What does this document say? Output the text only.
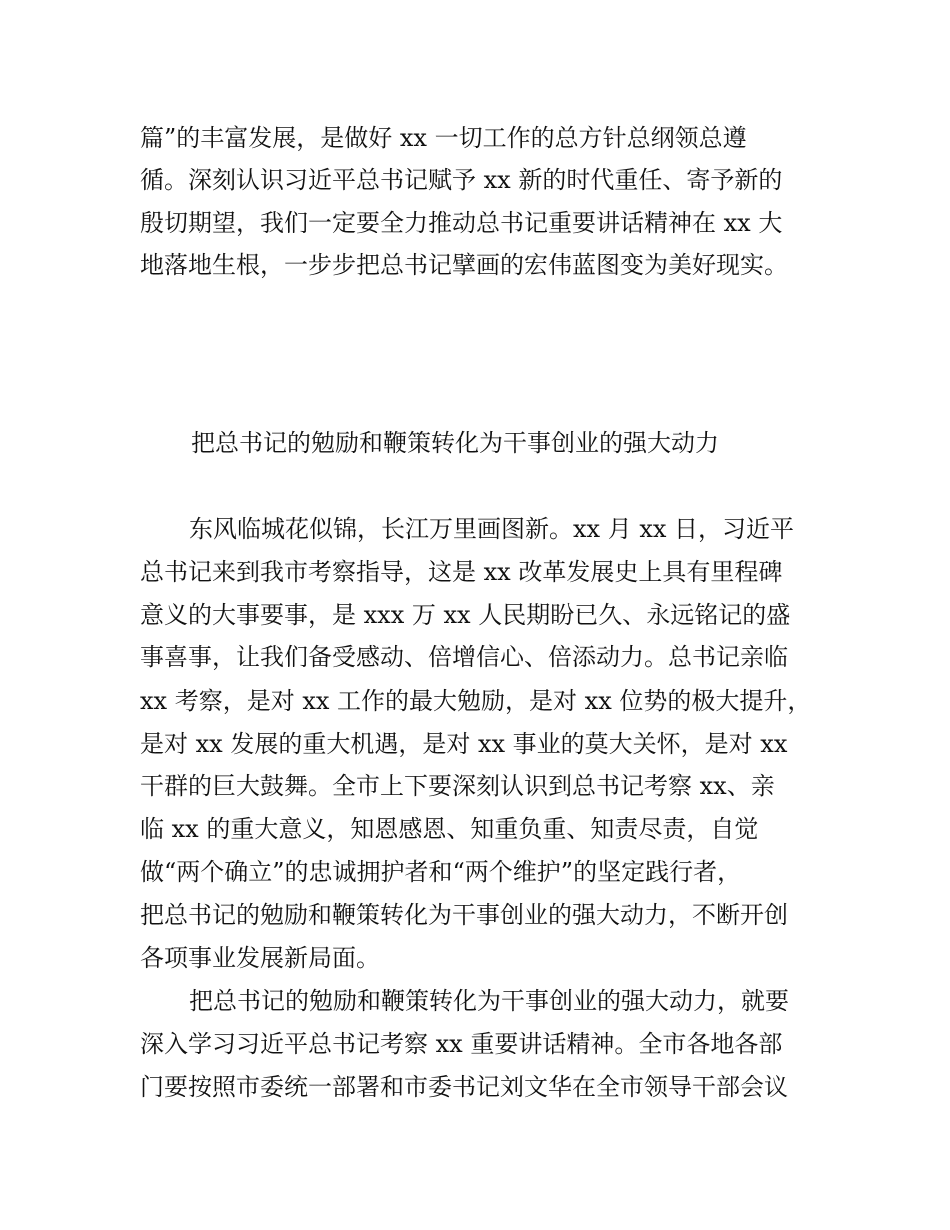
篇”的丰富发展，是做好 xx 一切工作的总方针总纲领总遵
循。深刻认识习近平总书记赋予 xx 新的时代重任、寄予新的
殷切期望，我们一定要全力推动总书记重要讲话精神在 xx 大
地落地生根，一步步把总书记擘画的宏伟蓝图变为美好现实。
把总书记的勉励和鞭策转化为干事创业的强大动力
东风临城花似锦，长江万里画图新。xx 月 xx 日，习近平
总书记来到我市考察指导，这是 xx 改革发展史上具有里程碑
意义的大事要事，是 xxx 万 xx 人民期盼已久、永远铭记的盛
事喜事，让我们备受感动、倍增信心、倍添动力。总书记亲临
xx 考察，是对 xx 工作的最大勉励，是对 xx 位势的极大提升，
是对 xx 发展的重大机遇，是对 xx 事业的莫大关怀，是对 xx
干群的巨大鼓舞。全市上下要深刻认识到总书记考察 xx、亲
临 xx 的重大意义，知恩感恩、知重负重、知责尽责，自觉
做“两个确立”的忠诚拥护者和“两个维护”的坚定践行者，
把总书记的勉励和鞭策转化为干事创业的强大动力，不断开创
各项事业发展新局面。
把总书记的勉励和鞭策转化为干事创业的强大动力，就要
深入学习习近平总书记考察 xx 重要讲话精神。全市各地各部
门要按照市委统一部署和市委书记刘文华在全市领导干部会议
